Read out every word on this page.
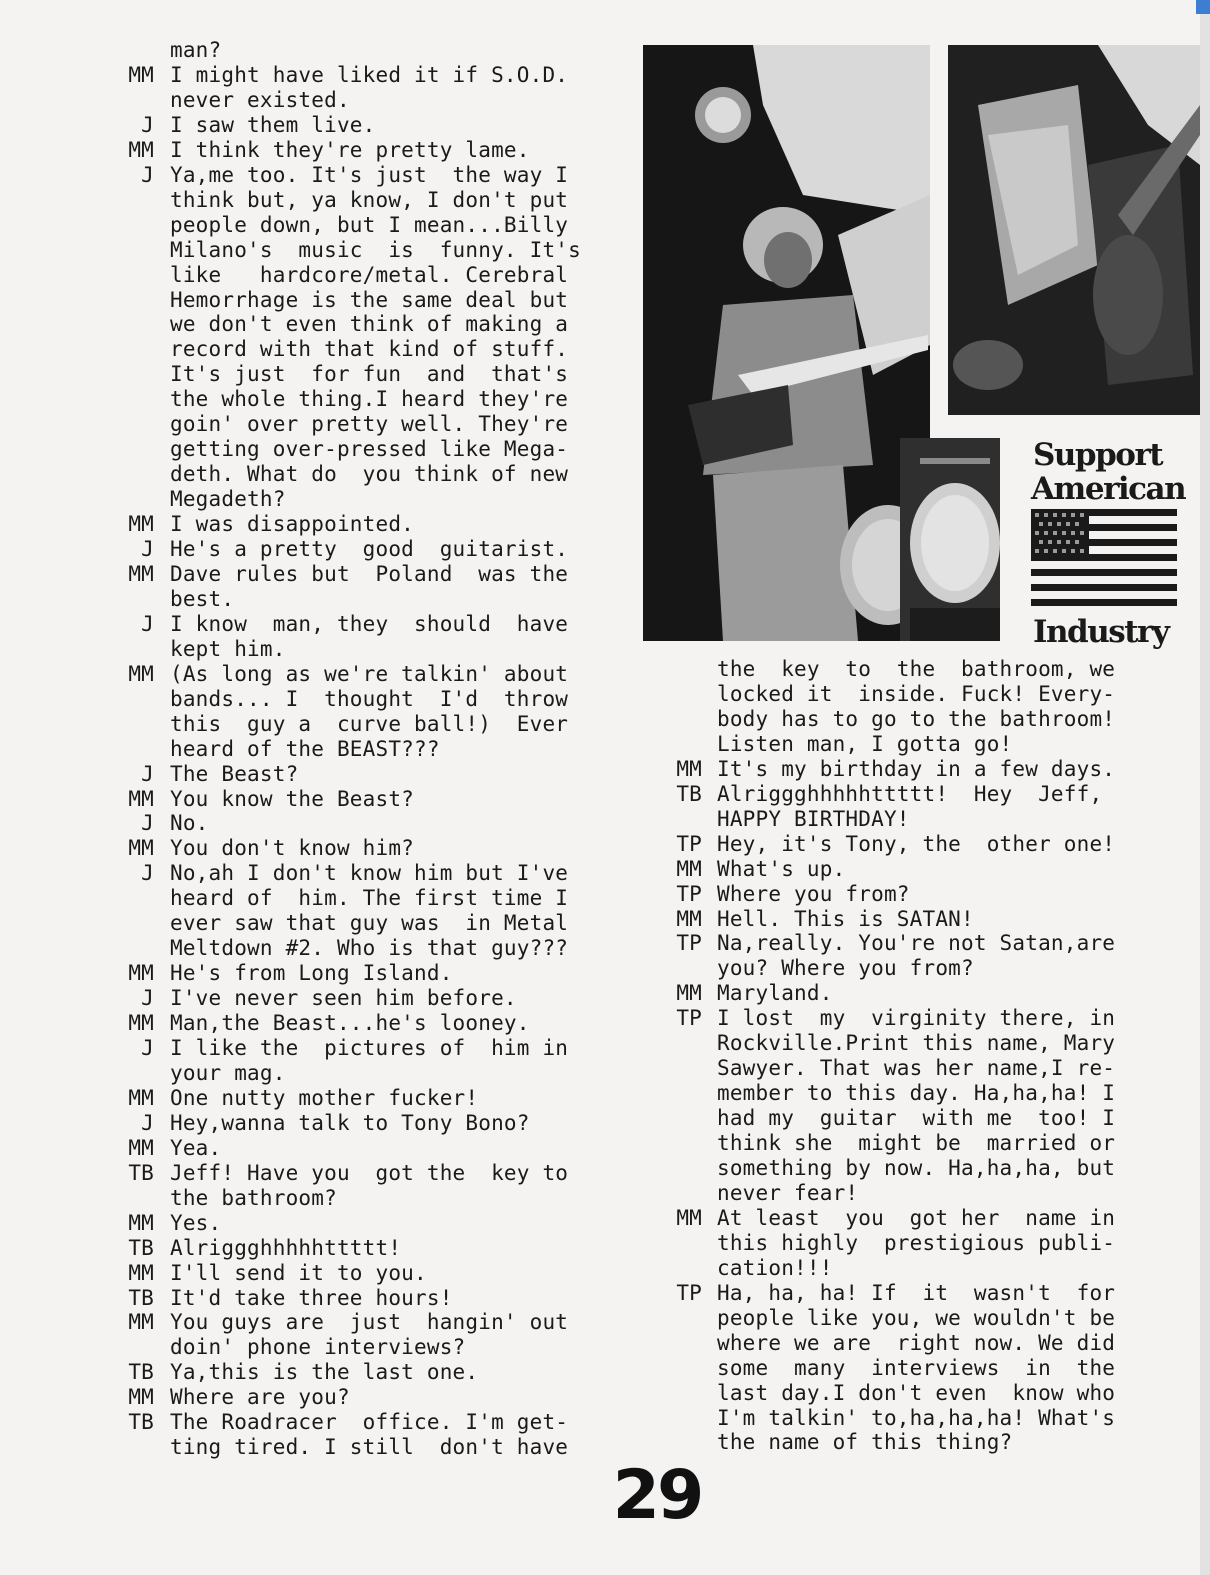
man?
MM I might have liked it if S.O.D.
never existed.
J I saw them live.
MM I think they're pretty lame.
J Ya,me too. It's just  the way I
think but, ya know, I don't put
people down, but I mean...Billy
Milano's  music  is  funny. It's
like   hardcore/metal. Cerebral
Hemorrhage is the same deal but
we don't even think of making a
record with that kind of stuff.
It's just  for fun  and  that's
the whole thing.I heard they're
goin' over pretty well. They're
getting over-pressed like Mega-
deth. What do  you think of new
Megadeth?
MM I was disappointed.
J He's a pretty  good  guitarist.
MM Dave rules but  Poland  was the
best.
J I know  man, they  should  have
kept him.
MM (As long as we're talkin' about
bands... I  thought  I'd  throw
this  guy a  curve ball!)  Ever
heard of the BEAST???
J The Beast?
MM You know the Beast?
J No.
MM You don't know him?
J No,ah I don't know him but I've
heard of  him. The first time I
ever saw that guy was  in Metal
Meltdown #2. Who is that guy???
MM He's from Long Island.
J I've never seen him before.
MM Man,the Beast...he's looney.
J I like the  pictures of  him in
your mag.
MM One nutty mother fucker!
J Hey,wanna talk to Tony Bono?
MM Yea.
TB Jeff! Have you  got the  key to
the bathroom?
MM Yes.
TB Alriggghhhhhttttt!
MM I'll send it to you.
TB It'd take three hours!
MM You guys are  just  hangin' out
doin' phone interviews?
TB Ya,this is the last one.
MM Where are you?
TB The Roadracer  office. I'm get-
ting tired. I still  don't have
the  key  to  the  bathroom, we
locked it  inside. Fuck! Every-
body has to go to the bathroom!
Listen man, I gotta go!
MM It's my birthday in a few days.
TB Alriggghhhhhttttt!  Hey  Jeff,
HAPPY BIRTHDAY!
TP Hey, it's Tony, the  other one!
MM What's up.
TP Where you from?
MM Hell. This is SATAN!
TP Na,really. You're not Satan,are
you? Where you from?
MM Maryland.
TP I lost  my  virginity there, in
Rockville.Print this name, Mary
Sawyer. That was her name,I re-
member to this day. Ha,ha,ha! I
had my  guitar  with me  too! I
think she  might be  married or
something by now. Ha,ha,ha, but
never fear!
MM At least  you  got her  name in
this highly  prestigious publi-
cation!!!
TP Ha, ha, ha! If  it  wasn't  for
people like you, we wouldn't be
where we are  right now. We did
some  many  interviews  in  the
last day.I don't even  know who
I'm talkin' to,ha,ha,ha! What's
the name of this thing?
Support
American
Industry
29
